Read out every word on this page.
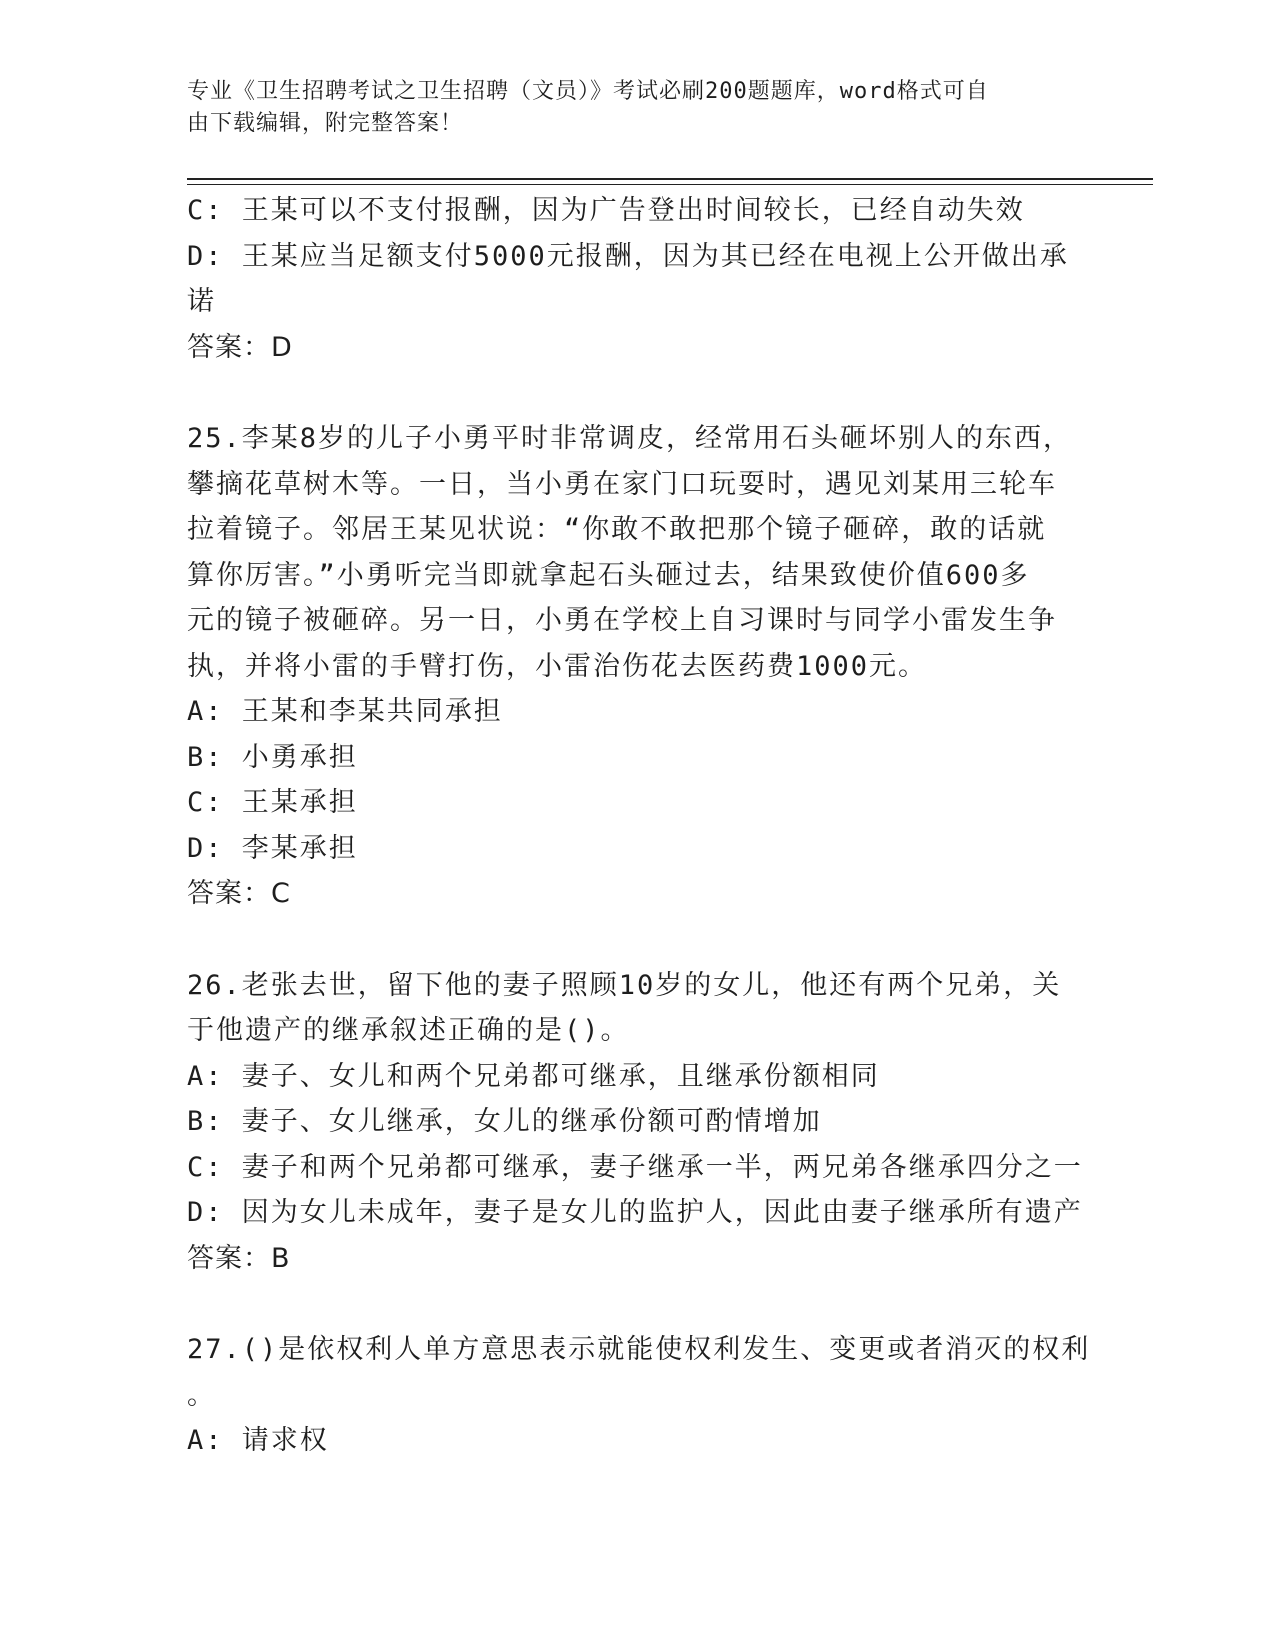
专业《卫生招聘考试之卫生招聘（文员）》考试必刷200题题库，word格式可自
由下载编辑，附完整答案！
C: 王某可以不支付报酬，因为广告登出时间较长，已经自动失效
D: 王某应当足额支付5000元报酬，因为其已经在电视上公开做出承
诺
答案：D
25.李某8岁的儿子小勇平时非常调皮，经常用石头砸坏别人的东西，
攀摘花草树木等。一日，当小勇在家门口玩耍时，遇见刘某用三轮车
拉着镜子。邻居王某见状说：“你敢不敢把那个镜子砸碎，敢的话就
算你厉害。”小勇听完当即就拿起石头砸过去，结果致使价值600多
元的镜子被砸碎。另一日，小勇在学校上自习课时与同学小雷发生争
执，并将小雷的手臂打伤，小雷治伤花去医药费1000元。
A: 王某和李某共同承担
B: 小勇承担
C: 王某承担
D: 李某承担
答案：C
26.老张去世，留下他的妻子照顾10岁的女儿，他还有两个兄弟，关
于他遗产的继承叙述正确的是()。
A: 妻子、女儿和两个兄弟都可继承，且继承份额相同
B: 妻子、女儿继承，女儿的继承份额可酌情增加
C: 妻子和两个兄弟都可继承，妻子继承一半，两兄弟各继承四分之一
D: 因为女儿未成年，妻子是女儿的监护人，因此由妻子继承所有遗产
答案：B
27.()是依权利人单方意思表示就能使权利发生、变更或者消灭的权利
。
A: 请求权
